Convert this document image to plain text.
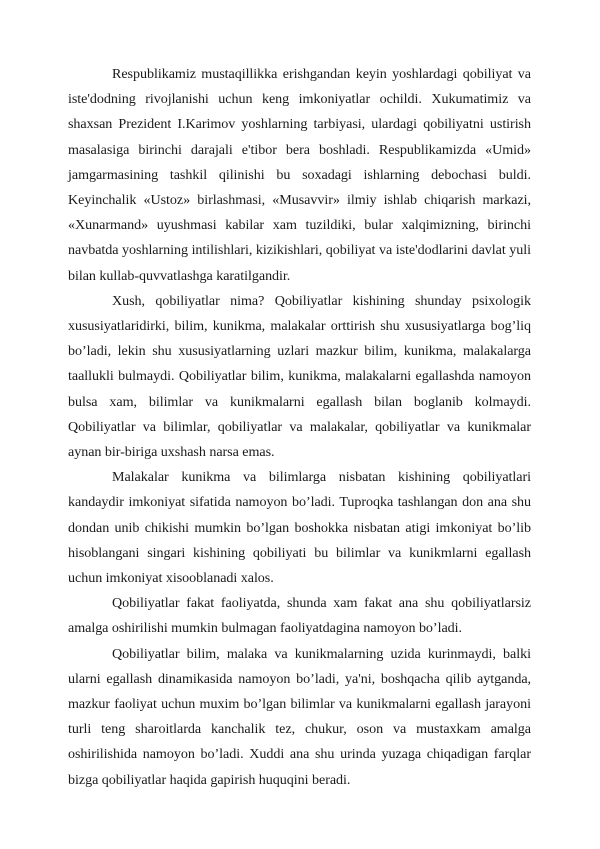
Respublikamiz mustaqillikka erishgandan keyin yoshlardagi qobiliyat va iste'dodning rivojlanishi uchun keng imkoniyatlar ochildi. Xukumatimiz va shaxsan Prezident I.Karimov yoshlarning tarbiyasi, ulardagi qobiliyatni ustirish masalasiga birinchi darajali e'tibor bera boshladi. Respublikamizda «Umid» jamgarmasining tashkil qilinishi bu soxadagi ishlarning debochasi buldi. Keyinchalik «Ustoz» birlashmasi, «Musavvir» ilmiy ishlab chiqarish markazi, «Xunarmand» uyushmasi kabilar xam tuzildiki, bular xalqimizning, birinchi navbatda yoshlarning intilishlari, kizikishlari, qobiliyat va iste'dodlarini davlat yuli bilan kullab-quvvatlashga karatilgandir.

Xush, qobiliyatlar nima? Qobiliyatlar kishining shunday psixologik xususiyatlaridirki, bilim, kunikma, malakalar orttirish shu xususiyatlarga bog’liq bo’ladi, lekin shu xususiyatlarning uzlari mazkur bilim, kunikma, malakalarga taallukli bulmaydi. Qobiliyatlar bilim, kunikma, malakalarni egallashda namoyon bulsa xam, bilimlar va kunikmalarni egallash bilan boglanib kolmaydi. Qobiliyatlar va bilimlar, qobiliyatlar va malakalar, qobiliyatlar va kunikmalar aynan bir-biriga uxshash narsa emas.

Malakalar kunikma va bilimlarga nisbatan kishining qobiliyatlari kandaydir imkoniyat sifatida namoyon bo’ladi. Tuproqka tashlangan don ana shu dondan unib chikishi mumkin bo’lgan boshokka nisbatan atigi imkoniyat bo’lib hisoblangani singari kishining qobiliyati bu bilimlar va kunikmlarni egallash uchun imkoniyat xisooblanadi xalos.

Qobiliyatlar fakat faoliyatda, shunda xam fakat ana shu qobiliyatlarsiz amalga oshirilishi mumkin bulmagan faoliyatdagina namoyon bo’ladi.

Qobiliyatlar bilim, malaka va kunikmalarning uzida kurinmaydi, balki ularni egallash dinamikasida namoyon bo’ladi, ya'ni, boshqacha qilib aytganda, mazkur faoliyat uchun muxim bo’lgan bilimlar va kunikmalarni egallash jarayoni turli teng sharoitlarda kanchalik tez, chukur, oson va mustaxkam amalga oshirilishida namoyon bo’ladi. Xuddi ana shu urinda yuzaga chiqadigan farqlar bizga qobiliyatlar haqida gapirish huquqini beradi.
